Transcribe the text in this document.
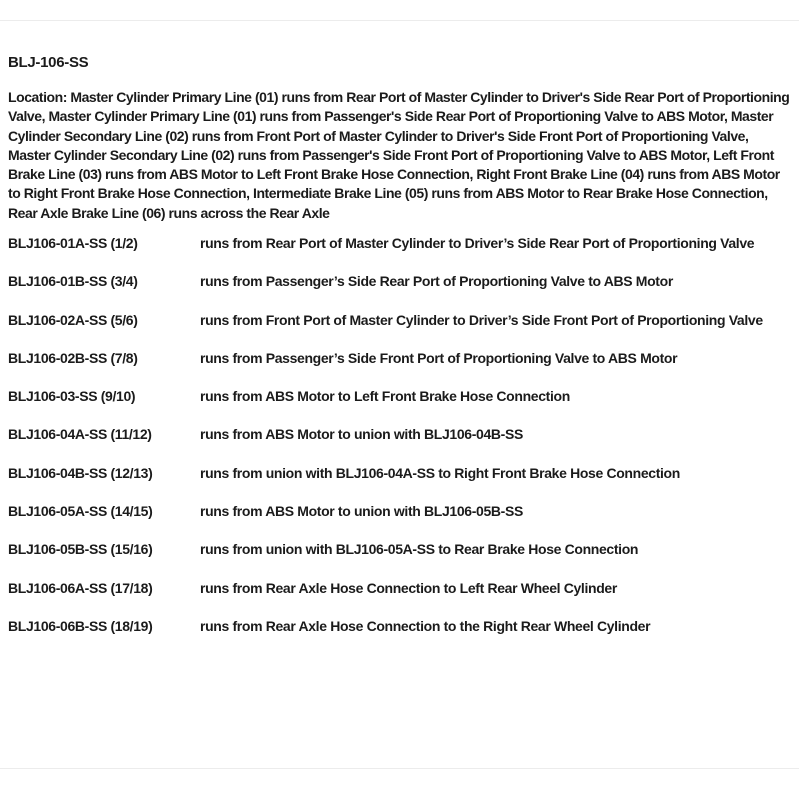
BLJ-106-SS
Location: Master Cylinder Primary Line (01) runs from Rear Port of Master Cylinder to Driver's Side Rear Port of Proportioning Valve, Master Cylinder Primary Line (01) runs from Passenger's Side Rear Port of Proportioning Valve to ABS Motor, Master Cylinder Secondary Line (02) runs from Front Port of Master Cylinder to Driver's Side Front Port of Proportioning Valve, Master Cylinder Secondary Line (02) runs from Passenger's Side Front Port of Proportioning Valve to ABS Motor, Left Front Brake Line (03) runs from ABS Motor to Left Front Brake Hose Connection, Right Front Brake Line (04) runs from ABS Motor to Right Front Brake Hose Connection, Intermediate Brake Line (05) runs from ABS Motor to Rear Brake Hose Connection, Rear Axle Brake Line (06) runs across the Rear Axle
BLJ106-01A-SS (1/2)	runs from Rear Port of Master Cylinder to Driver’s Side Rear Port of Proportioning Valve
BLJ106-01B-SS (3/4)	runs from Passenger’s Side Rear Port of Proportioning Valve to ABS Motor
BLJ106-02A-SS (5/6)	runs from Front Port of Master Cylinder to Driver’s Side Front Port of Proportioning Valve
BLJ106-02B-SS (7/8)	runs from Passenger’s Side Front Port of Proportioning Valve to ABS Motor
BLJ106-03-SS (9/10)	runs from ABS Motor to Left Front Brake Hose Connection
BLJ106-04A-SS (11/12)	runs from ABS Motor to union with BLJ106-04B-SS
BLJ106-04B-SS (12/13)	runs from union with BLJ106-04A-SS to Right Front Brake Hose Connection
BLJ106-05A-SS (14/15)	runs from ABS Motor to union with BLJ106-05B-SS
BLJ106-05B-SS (15/16)	runs from union with BLJ106-05A-SS to Rear Brake Hose Connection
BLJ106-06A-SS (17/18)	runs from Rear Axle Hose Connection to Left Rear Wheel Cylinder
BLJ106-06B-SS (18/19)	runs from Rear Axle Hose Connection to the Right Rear Wheel Cylinder
